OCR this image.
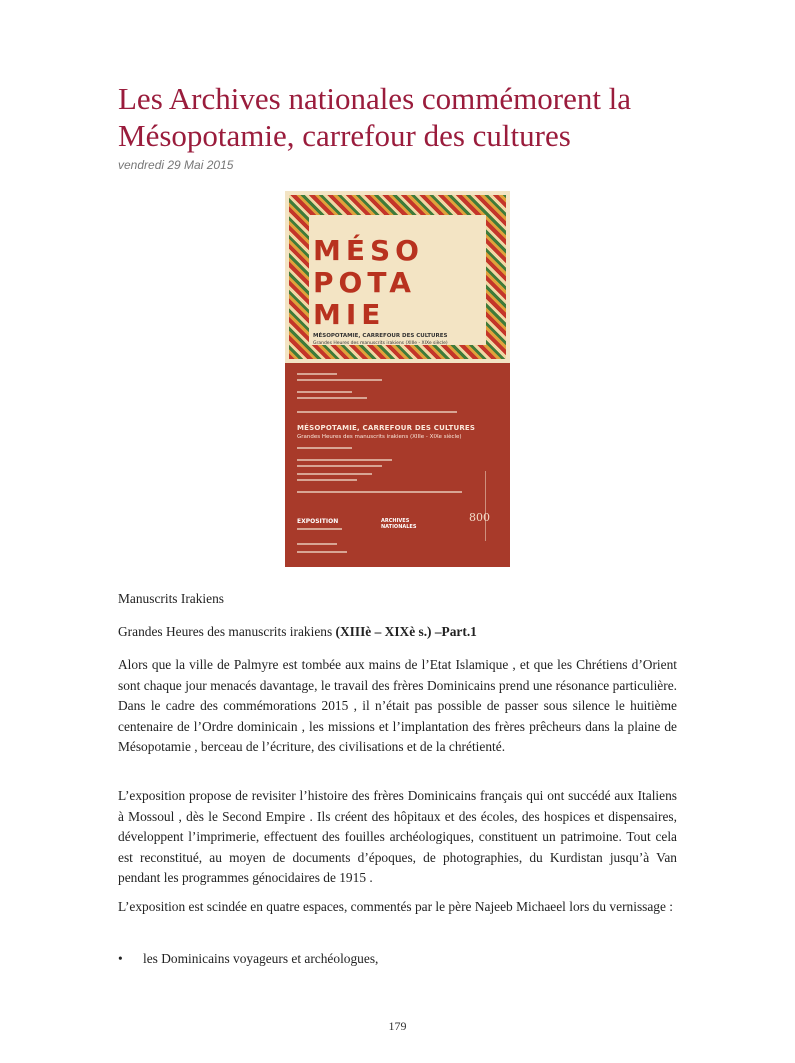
Les Archives nationales commémorent la Mésopotamie, carrefour des cultures

vendredi 29 Mai 2015

MÉSO
POTA
MIE
MÉSOPOTAMIE, CARREFOUR DES CULTURES
Grandes Heures des manuscrits irakiens (XIIIe - XIXe siècle)
MÉSOPOTAMIE, CARREFOUR DES CULTURES
Grandes Heures des manuscrits irakiens (XIIIe - XIXe siècle)
EXPOSITION	ARCHIVES NATIONALES
800

Manuscrits Irakiens

Grandes Heures des manuscrits irakiens (XIIIè – XIXè s.) –Part.1

Alors que la ville de Palmyre est tombée aux mains de l’Etat Islamique , et que les Chrétiens d’Orient sont chaque jour menacés davantage, le travail des frères Dominicains prend une résonance particulière. Dans le cadre des commémorations 2015 , il n’était pas possible de passer sous silence le huitième centenaire de l’Ordre dominicain , les missions et l’implantation des frères prêcheurs dans la plaine de Mésopotamie , berceau de l’écriture, des civilisations et de la chrétienté.

L’exposition propose de revisiter l’histoire des frères Dominicains français qui ont succédé aux Italiens à Mossoul , dès le Second Empire . Ils créent des hôpitaux et des écoles, des hospices et dispensaires, développent l’imprimerie, effectuent des fouilles archéologiques, constituent un patrimoine. Tout cela est reconstitué, au moyen de documents d’époques, de photographies, du Kurdistan jusqu’à Van pendant les programmes génocidaires de 1915 .

L’exposition est scindée en quatre espaces, commentés par le père Najeeb Michaeel lors du vernissage :

• les Dominicains voyageurs et archéologues,
179
